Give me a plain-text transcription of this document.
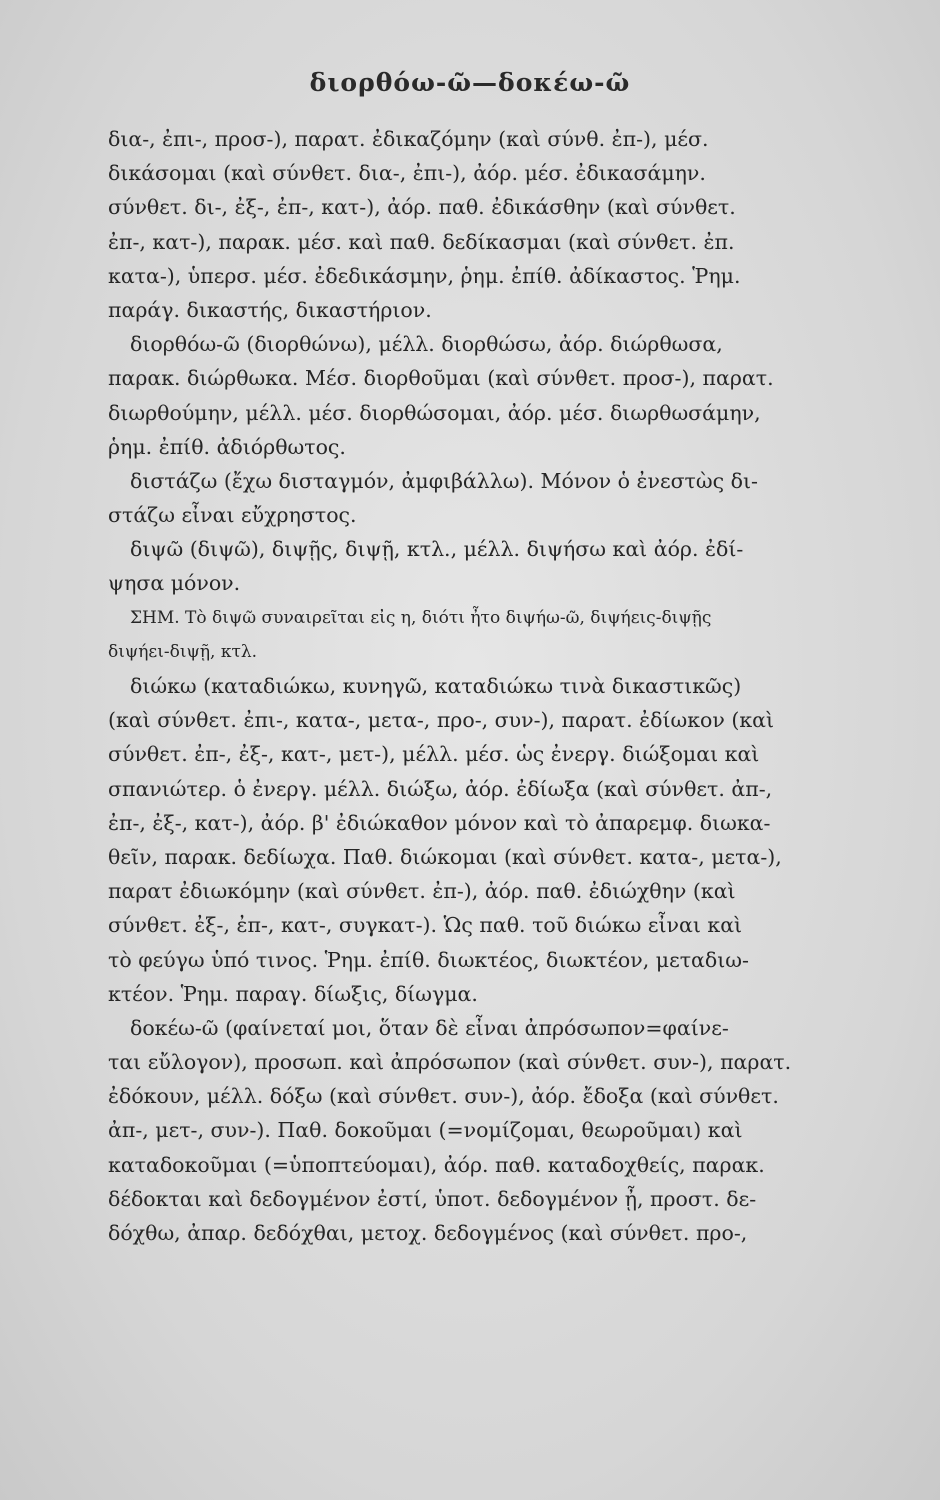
διορθόω-ῶ—δοκέω-ῶ
δια-, ἐπι-, προσ-), παρατ. ἐδικαζόμην (καὶ σύνθ. ἐπ-), μέσ.
δικάσομαι (καὶ σύνθετ. δια-, ἐπι-), ἀόρ. μέσ. ἐδικασάμην.
σύνθετ. δι-, ἐξ-, ἐπ-, κατ-), ἀόρ. παθ. ἐδικάσθην (καὶ σύνθετ.
ἐπ-, κατ-), παρακ. μέσ. καὶ παθ. δεδίκασμαι (καὶ σύνθετ. ἐπ.
κατα-), ὑπερσ. μέσ. ἐδεδικάσμην, ῥημ. ἐπίθ. ἀδίκαστος. Ῥημ.
παράγ. δικαστής, δικαστήριον.
διορθόω-ῶ (διορθώνω), μέλλ. διορθώσω, ἀόρ. διώρθωσα,
παρακ. διώρθωκα. Μέσ. διορθοῦμαι (καὶ σύνθετ. προσ-), παρατ.
διωρθούμην, μέλλ. μέσ. διορθώσομαι, ἀόρ. μέσ. διωρθωσάμην,
ῥημ. ἐπίθ. ἀδιόρθωτος.
διστάζω (ἔχω δισταγμόν, ἀμφιβάλλω). Μόνον ὁ ἐνεστὼς δι-
στάζω εἶναι εὔχρηστος.
διψῶ (διψῶ), διψῇς, διψῇ, κτλ., μέλλ. διψήσω καὶ ἀόρ. ἐδί-
ψησα μόνον.
ΣΗΜ. Τὸ διψῶ συναιρεῖται εἰς η, διότι ἦτο διψήω-ῶ, διψήεις-διψῇς
διψήει-διψῇ, κτλ.
διώκω (καταδιώκω, κυνηγῶ, καταδιώκω τινὰ δικαστικῶς)
(καὶ σύνθετ. ἐπι-, κατα-, μετα-, προ-, συν-), παρατ. ἐδίωκον (καὶ
σύνθετ. ἐπ-, ἐξ-, κατ-, μετ-), μέλλ. μέσ. ὡς ἐνεργ. διώξομαι καὶ
σπανιώτερ. ὁ ἐνεργ. μέλλ. διώξω, ἀόρ. ἐδίωξα (καὶ σύνθετ. ἀπ-,
ἐπ-, ἐξ-, κατ-), ἀόρ. β' ἐδιώκαθον μόνον καὶ τὸ ἀπαρεμφ. διωκα-
θεῖν, παρακ. δεδίωχα. Παθ. διώκομαι (καὶ σύνθετ. κατα-, μετα-),
παρατ ἐδιωκόμην (καὶ σύνθετ. ἐπ-), ἀόρ. παθ. ἐδιώχθην (καὶ
σύνθετ. ἐξ-, ἐπ-, κατ-, συγκατ-). Ὡς παθ. τοῦ διώκω εἶναι καὶ
τὸ φεύγω ὑπό τινος. Ῥημ. ἐπίθ. διωκτέος, διωκτέον, μεταδιω-
κτέον. Ῥημ. παραγ. δίωξις, δίωγμα.
δοκέω-ῶ (φαίνεταί μοι, ὅταν δὲ εἶναι ἀπρόσωπον=φαίνε-
ται εὔλογον), προσωπ. καὶ ἀπρόσωπον (καὶ σύνθετ. συν-), παρατ.
ἐδόκουν, μέλλ. δόξω (καὶ σύνθετ. συν-), ἀόρ. ἔδοξα (καὶ σύνθετ.
ἀπ-, μετ-, συν-). Παθ. δοκοῦμαι (=νομίζομαι, θεωροῦμαι) καὶ
καταδοκοῦμαι (=ὑποπτεύομαι), ἀόρ. παθ. καταδοχθείς, παρακ.
δέδοκται καὶ δεδογμένον ἐστί, ὑποτ. δεδογμένον ᾖ, προστ. δε-
δόχθω, ἀπαρ. δεδόχθαι, μετοχ. δεδογμένος (καὶ σύνθετ. προ-,
